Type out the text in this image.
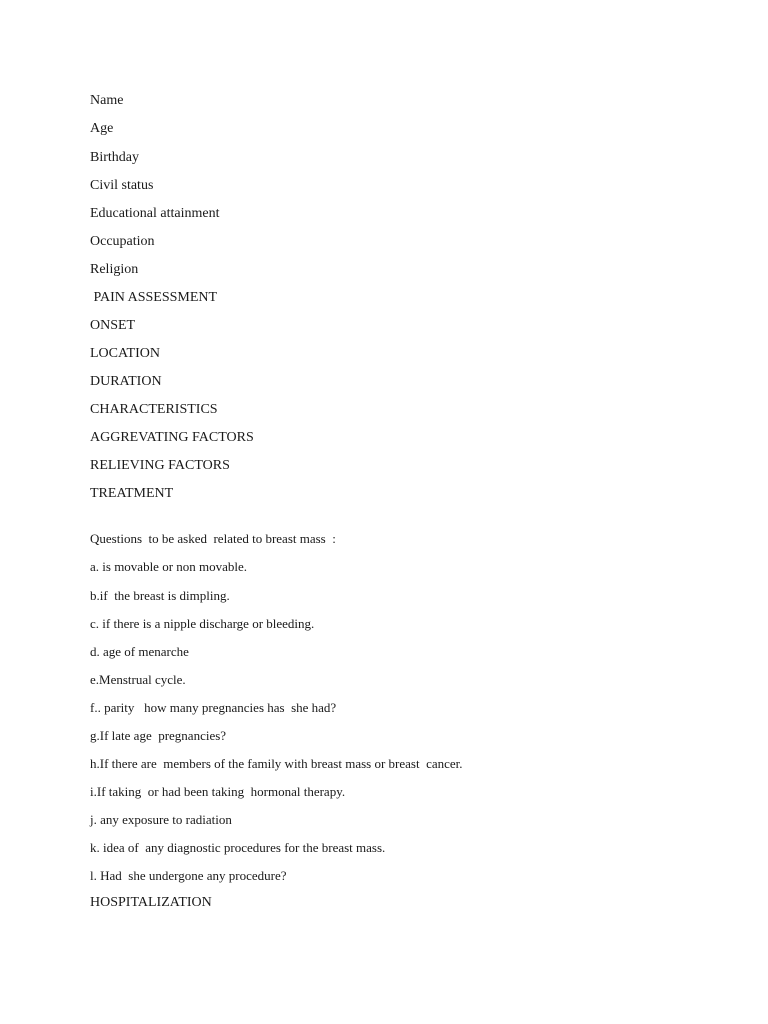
Name

Age

Birthday

Civil status

Educational attainment

Occupation

Religion

PAIN ASSESSMENT

ONSET

LOCATION

DURATION

CHARACTERISTICS

AGGREVATING FACTORS

RELIEVING FACTORS

TREATMENT

Questions  to be asked  related to breast mass  :

a. is movable or non movable.

b.if  the breast is dimpling.

c. if there is a nipple discharge or bleeding.

d. age of menarche

e.Menstrual cycle.

f.. parity   how many pregnancies has  she had?

g.If late age  pregnancies?

h.If there are  members of the family with breast mass or breast  cancer.

i.If taking  or had been taking  hormonal therapy.

j. any exposure to radiation

k. idea of  any diagnostic procedures for the breast mass.

l. Had  she undergone any procedure?

HOSPITALIZATION
